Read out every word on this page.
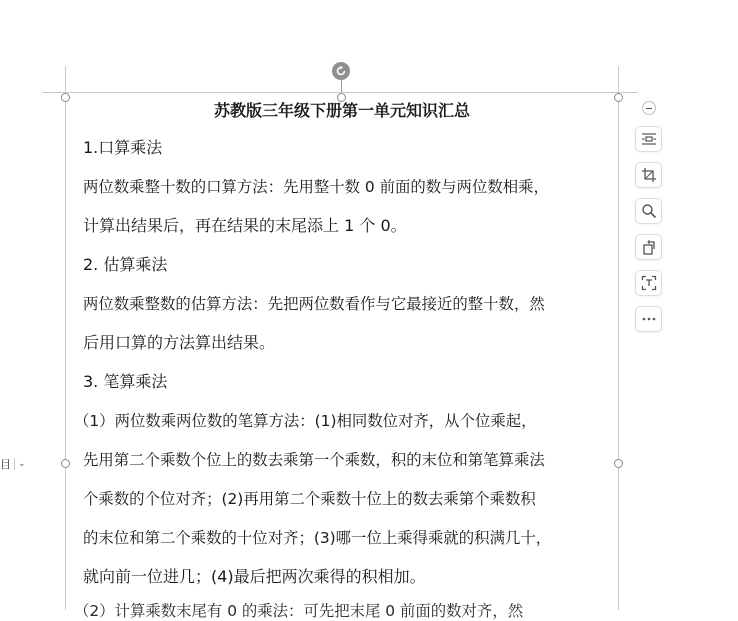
苏教版三年级下册第一单元知识汇总
1.口算乘法
两位数乘整十数的口算方法：先用整十数 0 前面的数与两位数相乘，
计算出结果后，再在结果的末尾添上 1 个 0。
2. 估算乘法
两位数乘整数的估算方法：先把两位数看作与它最接近的整十数，然
后用口算的方法算出结果。
3. 笔算乘法
（1）两位数乘两位数的笔算方法：(1)相同数位对齐，从个位乘起，
先用第二个乘数个位上的数去乘第一个乘数，积的末位和第笔算乘法
个乘数的个位对齐；(2)再用第二个乘数十位上的数去乘第个乘数积
的末位和第二个乘数的十位对齐；(3)哪一位上乘得乘就的积满几十，
就向前一位进几；(4)最后把两次乘得的积相加。
（2）计算乘数末尾有 0 的乘法：可先把末尾 0 前面的数对齐，然
目 ⌄
